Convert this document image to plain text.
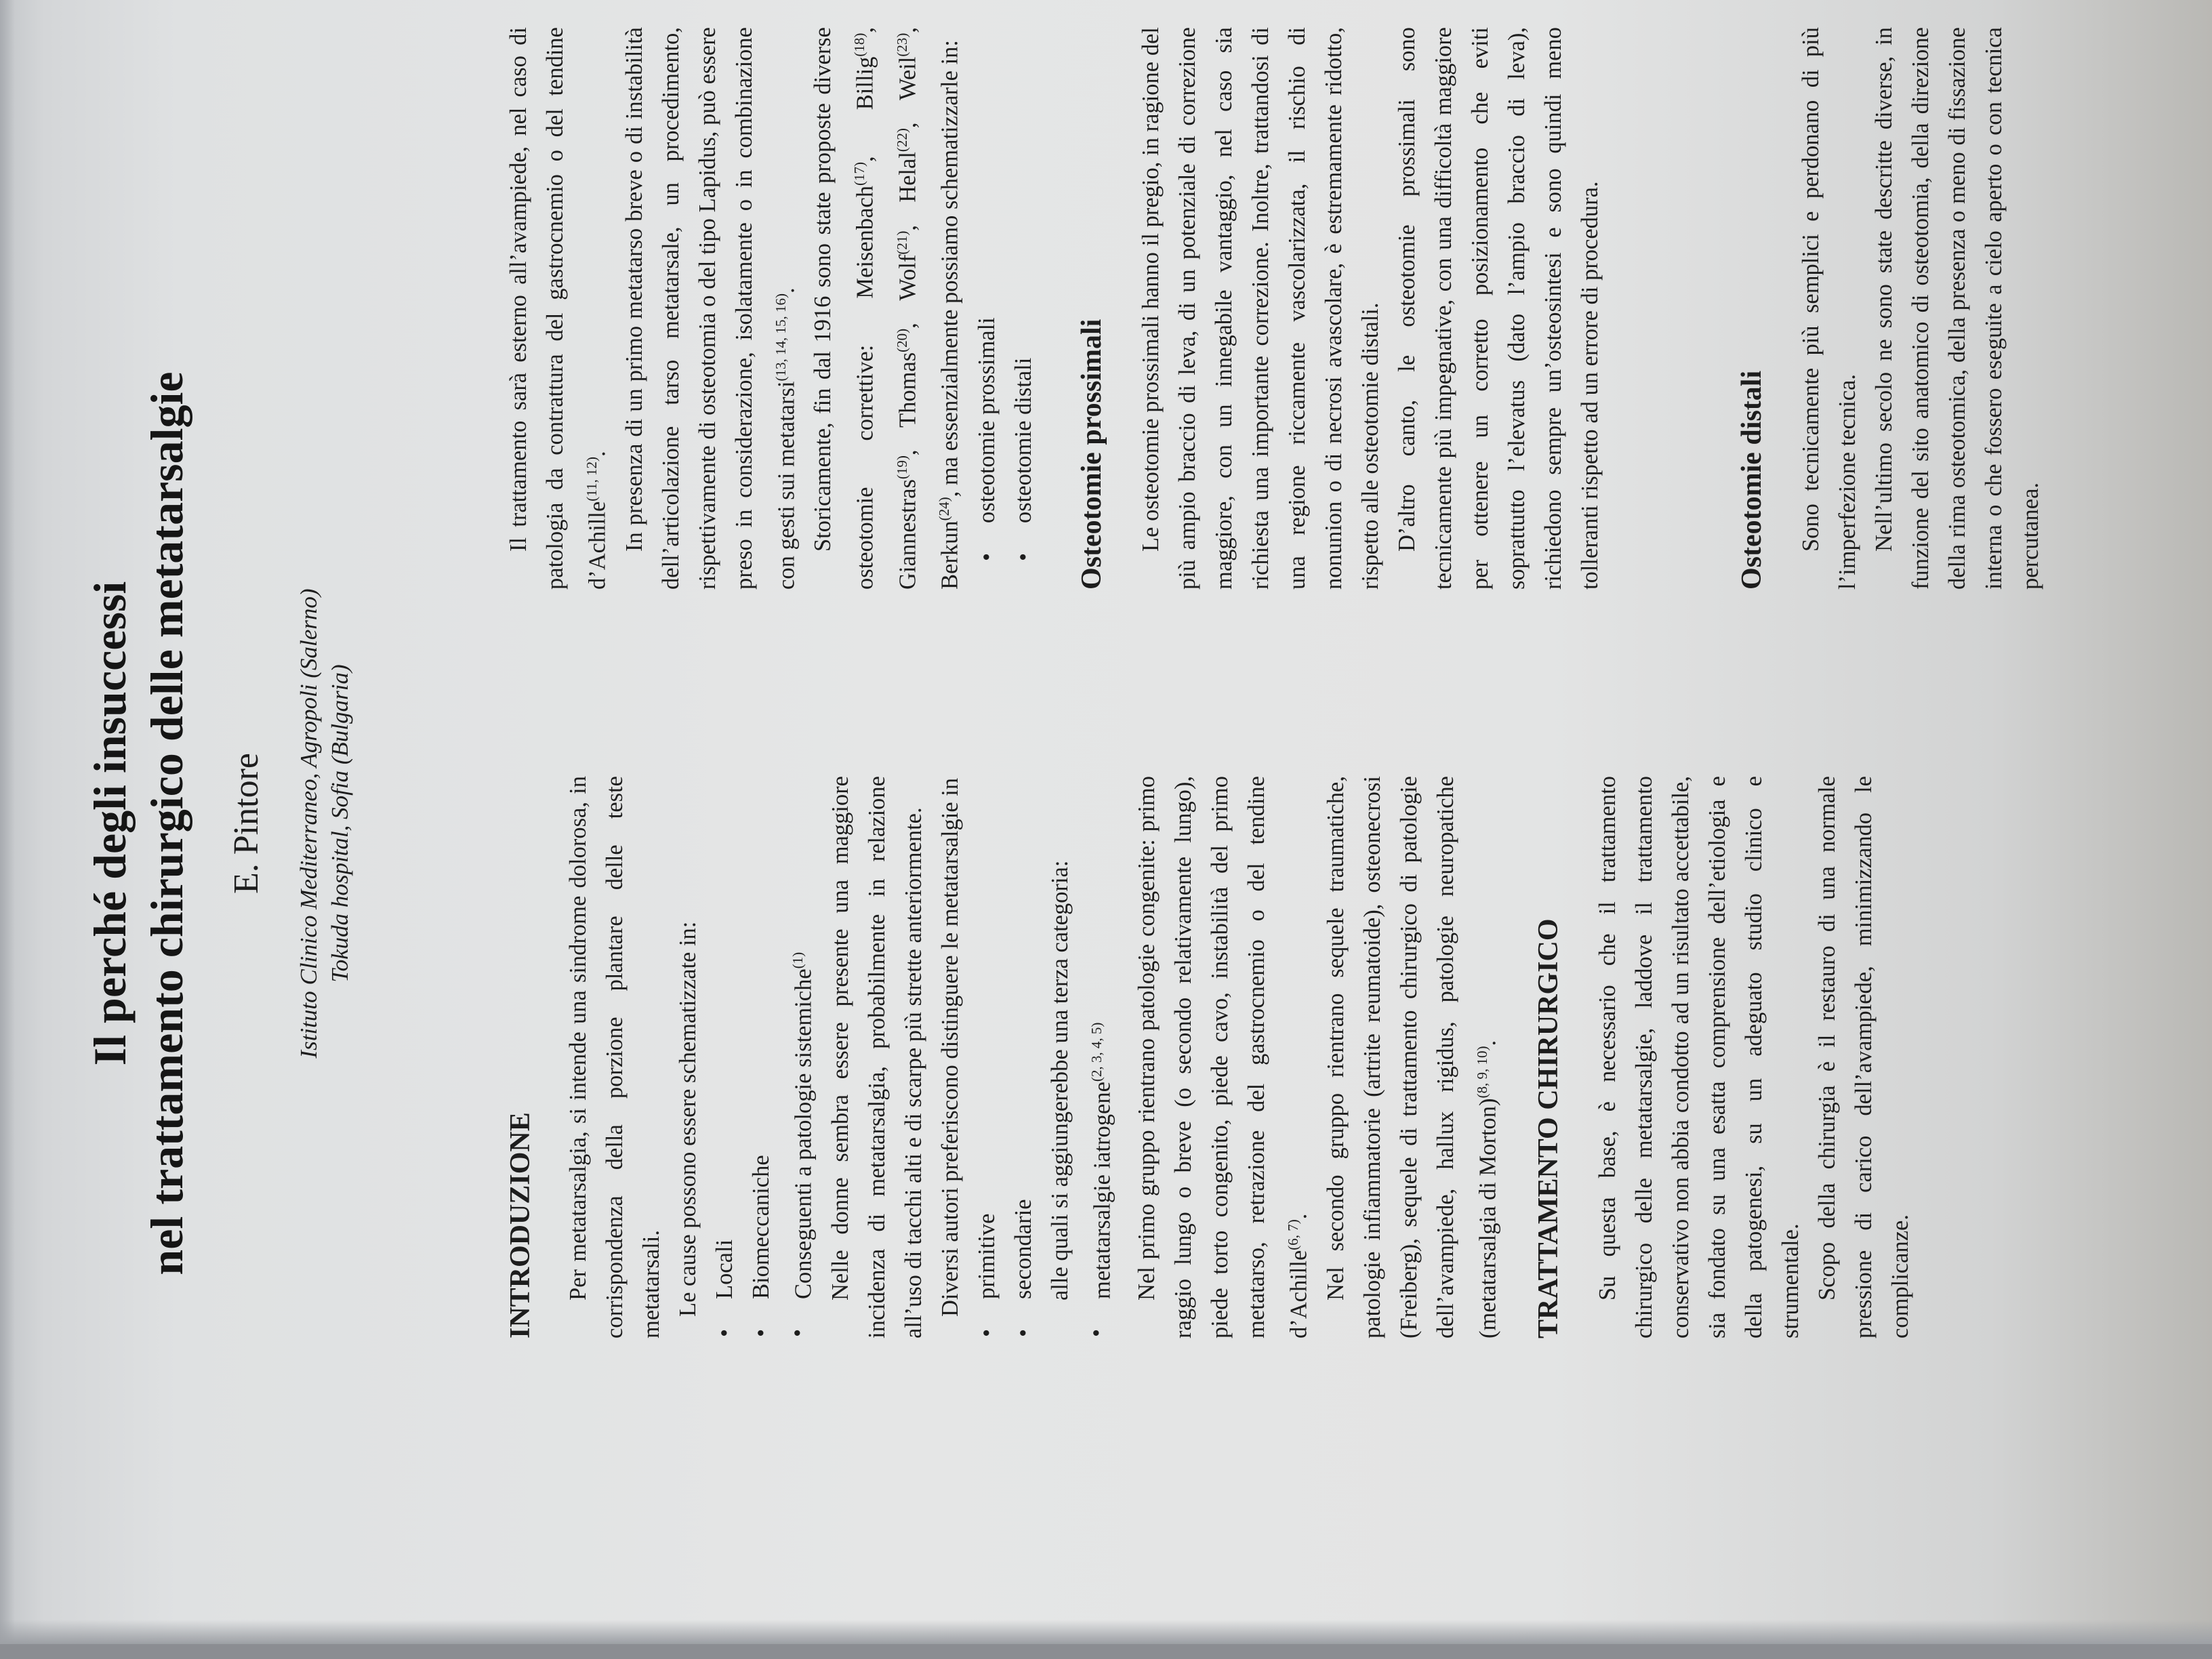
Il perché degli insuccessi nel trattamento chirurgico delle metatarsalgie E. Pintore Istituto Clinico Mediterraneo, Agropoli (Salerno) Tokuda hospital, Sofia (Bulgaria)

INTRODUZIONE Per metatarsalgia, si intende una sindrome dolorosa, in corrispondenza della porzione plantare delle teste metatarsali. Le cause possono essere schematizzate in: • Locali • Biomeccaniche • Conseguenti a patologie sistemiche$^{(1)}$ Nelle donne sembra essere presente una maggiore incidenza di metatarsalgia, probabilmente in relazione all’uso di tacchi alti e di scarpe più strette anteriormente. Diversi autori preferiscono distinguere le metatarsalgie in • primitive • secondarie alle quali si aggiungerebbe una terza categoria: • metatarsalgie iatrogene$^{(2, 3, 4, 5)}$	Nel primo gruppo rientrano patologie congenite: primo raggio lungo o breve (o secondo relativamente lungo), piede torto congenito, piede cavo, instabilità del primo metatarso, retrazione del gastrocnemio o del tendine d’Achille$^{(6, 7)}$. Nel secondo gruppo rientrano sequele traumatiche, patologie infiammatorie (artrite reumatoide), osteonecrosi (Freiberg), sequele di trattamento chirurgico di patologie dell’avampiede, hallux rigidus, patologie neuropatiche (metatarsalgia di Morton)$^{(8, 9, 10)}$.

Il trattamento sarà esterno all’avampiede, nel caso di patologia da contrattura del gastrocnemio o del tendine d’Achille$^{(11, 12)}$. In presenza di un primo metatarso breve o di instabilità dell’articolazione tarso metatarsale, un procedimento, rispettivamente di osteotomia o del tipo Lapidus, può essere preso in considerazione, isolatamente o in combinazione con gesti sui metatarsi$^{(13, 14, 15, 16)}$. Storicamente, fin dal 1916 sono state proposte diverse osteotomie correttive: Meisenbach$^{(17)}$, Billig$^{(18)}$, Giannestras$^{(19)}$, Thomas$^{(20)}$, Wolf$^{(21)}$, Helal$^{(22)}$, Weil$^{(23)}$, Berkun$^{(24)}$, ma essenzialmente possiamo schematizzarle in: • osteotomie prossimali • osteotomie distali Osteotomie prossimali Le osteotomie prossimali hanno il pregio, in ragione del più ampio braccio di leva, di un potenziale di correzione maggiore, con un innegabile vantaggio, nel caso sia richiesta una importante correzione. Inoltre, trattandosi di una regione riccamente vascolarizzata, il rischio di nonunion o di necrosi avascolare, è estremamente ridotto, rispetto alle osteotomie distali. D’altro canto, le osteotomie prossimali sono tecnicamente più impegnative, con una difficoltà maggiore per ottenere un corretto posizionamento che eviti soprattutto l’elevatus (dato l’ampio braccio di leva), richiedono sempre un’osteosintesi e sono quindi meno tolleranti rispetto ad un errore di procedura.

TRATTAMENTO CHIRURGICO Su questa base, è necessario che il trattamento chirurgico delle metatarsalgie, laddove il trattamento conservativo non abbia condotto ad un risultato accettabile, sia fondato su una esatta comprensione dell’etiologia e della patogenesi, su un adeguato studio clinico e strumentale. Scopo della chirurgia è il restauro di una normale pressione di carico dell’avampiede, minimizzando le complicanze.

Osteotomie distali Sono tecnicamente più semplici e perdonano di più l’imperfezione tecnica. Nell’ultimo secolo ne sono state descritte diverse, in funzione del sito anatomico di osteotomia, della direzione della rima osteotomica, della presenza o meno di fissazione interna o che fossero eseguite a cielo aperto o con tecnica percutanea.
